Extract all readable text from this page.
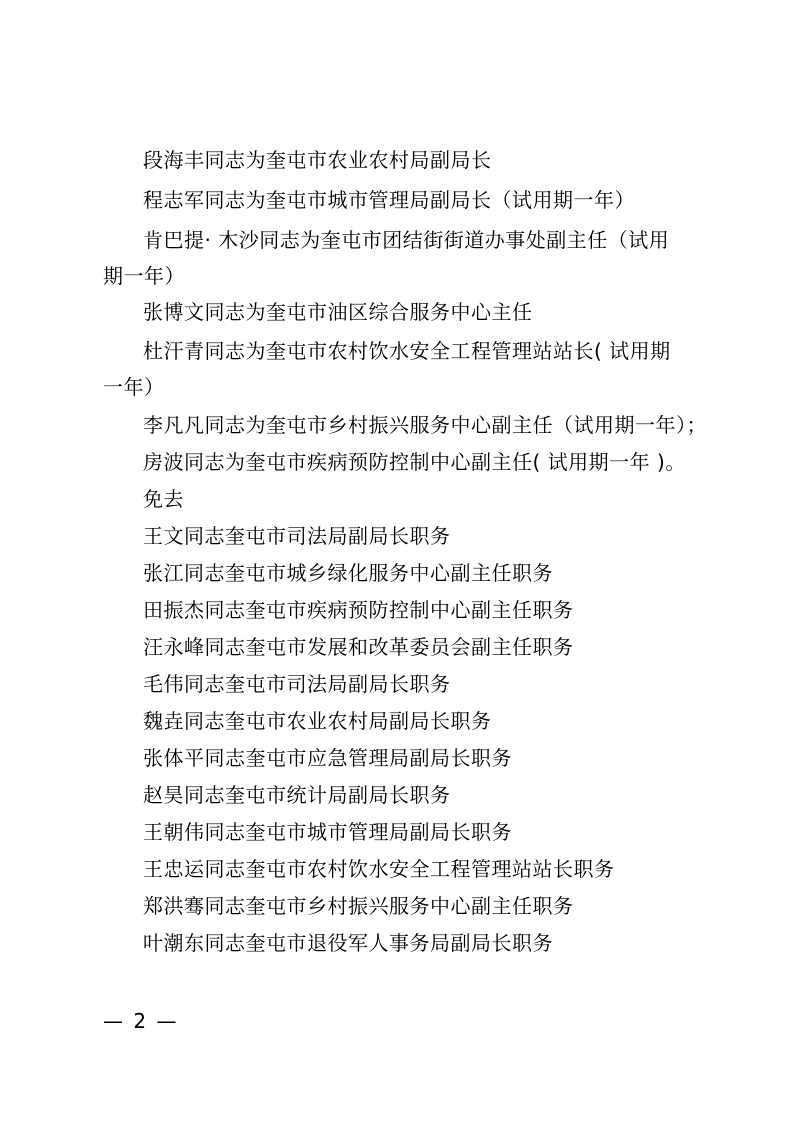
段海丰同志为奎屯市农业农村局副局长
程志军同志为奎屯市城市管理局副局长（试用期一年）
肯巴提· 木沙同志为奎屯市团结街街道办事处副主任（试用
期一年）
张博文同志为奎屯市油区综合服务中心主任
杜汗青同志为奎屯市农村饮水安全工程管理站站长( 试用期
一年）
李凡凡同志为奎屯市乡村振兴服务中心副主任（试用期一年）；
房波同志为奎屯市疾病预防控制中心副主任( 试用期一年 )。
免去
王文同志奎屯市司法局副局长职务
张江同志奎屯市城乡绿化服务中心副主任职务
田振杰同志奎屯市疾病预防控制中心副主任职务
汪永峰同志奎屯市发展和改革委员会副主任职务
毛伟同志奎屯市司法局副局长职务
魏垚同志奎屯市农业农村局副局长职务
张体平同志奎屯市应急管理局副局长职务
赵昊同志奎屯市统计局副局长职务
王朝伟同志奎屯市城市管理局副局长职务
王忠运同志奎屯市农村饮水安全工程管理站站长职务
郑洪骞同志奎屯市乡村振兴服务中心副主任职务
叶潮东同志奎屯市退役军人事务局副局长职务
— 2 —
